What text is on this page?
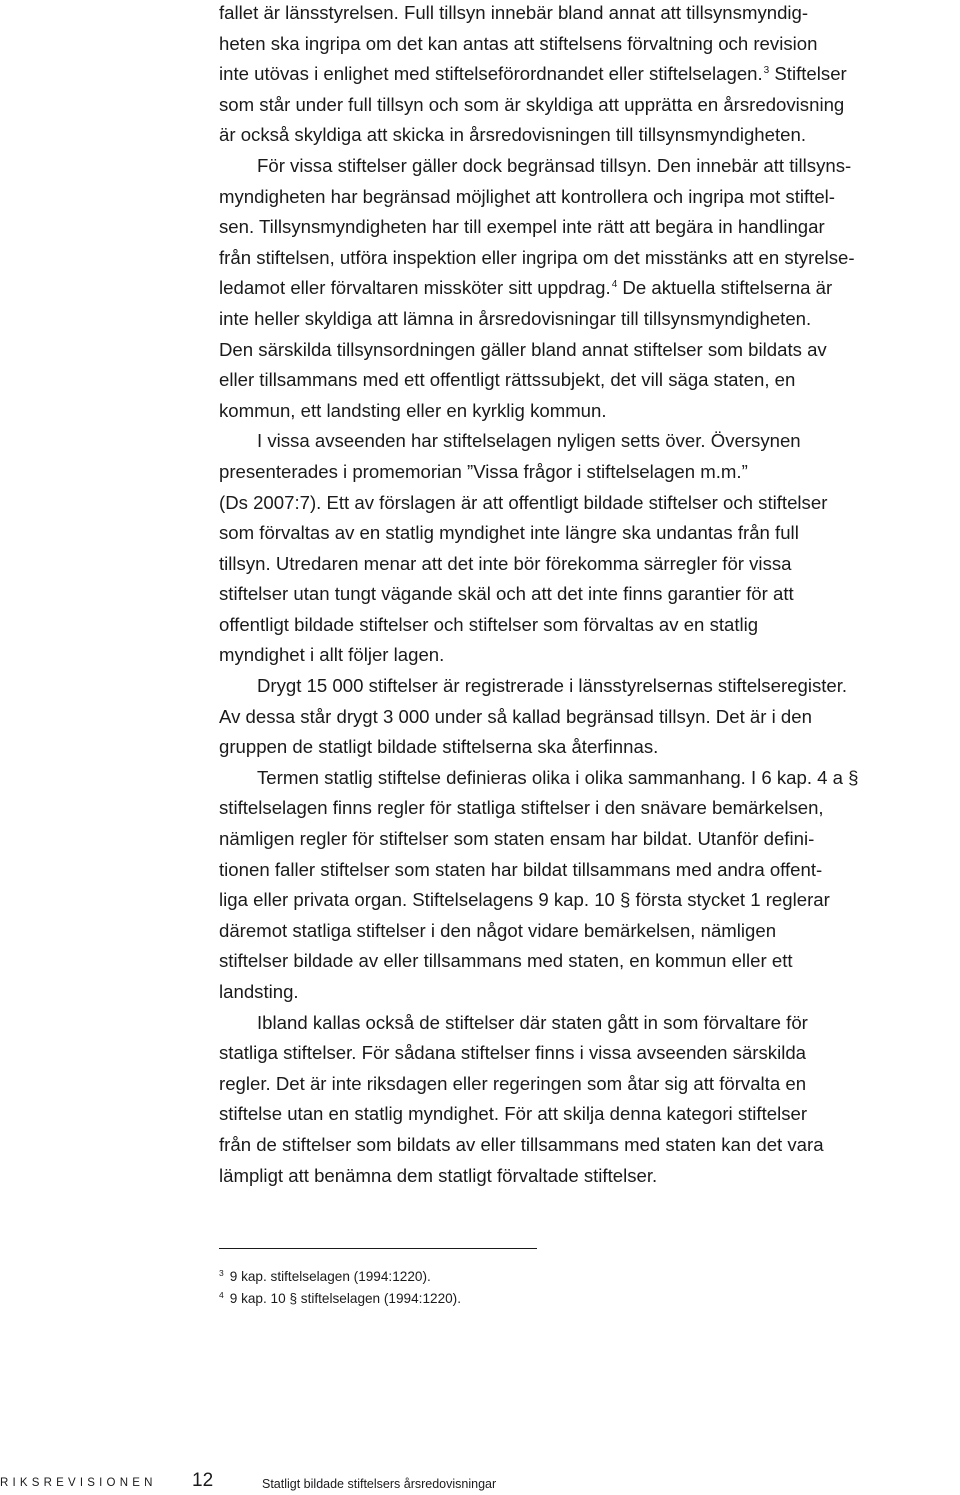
fallet är länsstyrelsen. Full tillsyn innebär bland annat att tillsynsmyndig-
heten ska ingripa om det kan antas att stiftelsens förvaltning och revision
inte utövas i enlighet med stiftelseförordnandet eller stiftelselagen.$^3$ Stiftelser
som står under full tillsyn och som är skyldiga att upprätta en årsredovisning
är också skyldiga att skicka in årsredovisningen till tillsynsmyndigheten.
För vissa stiftelser gäller dock begränsad tillsyn. Den innebär att tillsyns-
myndigheten har begränsad möjlighet att kontrollera och ingripa mot stiftel-
sen. Tillsynsmyndigheten har till exempel inte rätt att begära in handlingar
från stiftelsen, utföra inspektion eller ingripa om det misstänks att en styrelse-
ledamot eller förvaltaren missköter sitt uppdrag.$^4$ De aktuella stiftelserna är
inte heller skyldiga att lämna in årsredovisningar till tillsynsmyndigheten.
Den särskilda tillsynsordningen gäller bland annat stiftelser som bildats av
eller tillsammans med ett offentligt rättssubjekt, det vill säga staten, en
kommun, ett landsting eller en kyrklig kommun.
I vissa avseenden har stiftelselagen nyligen setts över. Översynen
presenterades i promemorian ”Vissa frågor i stiftelselagen m.m.”
(Ds 2007:7). Ett av förslagen är att offentligt bildade stiftelser och stiftelser
som förvaltas av en statlig myndighet inte längre ska undantas från full
tillsyn. Utredaren menar att det inte bör förekomma särregler för vissa
stiftelser utan tungt vägande skäl och att det inte finns garantier för att
offentligt bildade stiftelser och stiftelser som förvaltas av en statlig
myndighet i allt följer lagen.
Drygt 15 000 stiftelser är registrerade i länsstyrelsernas stiftelseregister.
Av dessa står drygt 3 000 under så kallad begränsad tillsyn. Det är i den
gruppen de statligt bildade stiftelserna ska återfinnas.
Termen statlig stiftelse definieras olika i olika sammanhang. I 6 kap. 4 a §
stiftelselagen finns regler för statliga stiftelser i den snävare bemärkelsen,
nämligen regler för stiftelser som staten ensam har bildat. Utanför defini-
tionen faller stiftelser som staten har bildat tillsammans med andra offent-
liga eller privata organ. Stiftelselagens 9 kap. 10 § första stycket 1 reglerar
däremot statliga stiftelser i den något vidare bemärkelsen, nämligen
stiftelser bildade av eller tillsammans med staten, en kommun eller ett
landsting.
Ibland kallas också de stiftelser där staten gått in som förvaltare för
statliga stiftelser. För sådana stiftelser finns i vissa avseenden särskilda
regler. Det är inte riksdagen eller regeringen som åtar sig att förvalta en
stiftelse utan en statlig myndighet. För att skilja denna kategori stiftelser
från de stiftelser som bildats av eller tillsammans med staten kan det vara
lämpligt att benämna dem statligt förvaltade stiftelser.
$^3$ 9 kap. stiftelselagen (1994:1220).
$^4$ 9 kap. 10 § stiftelselagen (1994:1220).
RIKSREVISIONEN 12	Statligt bildade stiftelsers årsredovisningar
